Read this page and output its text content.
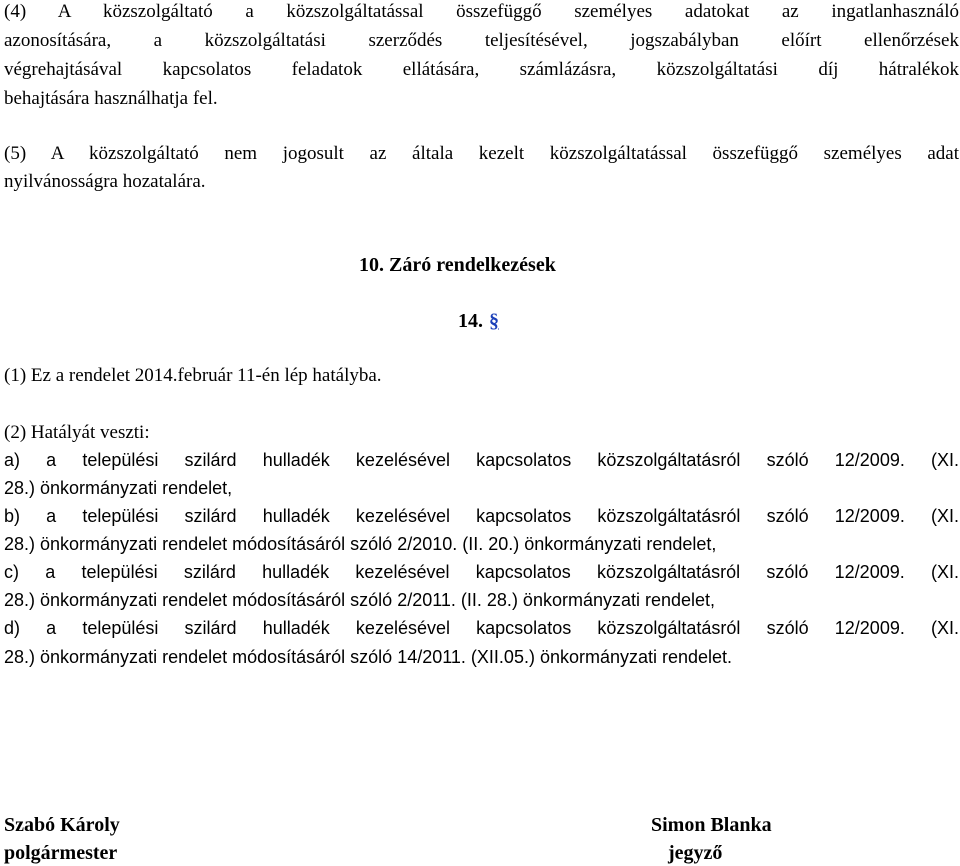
(4) A közszolgáltató a közszolgáltatással összefüggő személyes adatokat az ingatlanhasználó
azonosítására, a közszolgáltatási szerződés teljesítésével, jogszabályban előírt ellenőrzések
végrehajtásával kapcsolatos feladatok ellátására, számlázásra, közszolgáltatási díj hátralékok
behajtására használhatja fel.
(5) A közszolgáltató nem jogosult az általa kezelt közszolgáltatással összefüggő személyes adat
nyilvánosságra hozatalára.
10. Záró rendelkezések
14. §
(1) Ez a rendelet 2014.február 11-én lép hatályba.
(2) Hatályát veszti:
a) a települési szilárd hulladék kezelésével kapcsolatos közszolgáltatásról szóló 12/2009. (XI.
28.) önkormányzati rendelet,
b) a települési szilárd hulladék kezelésével kapcsolatos közszolgáltatásról szóló 12/2009. (XI.
28.) önkormányzati rendelet módosításáról szóló 2/2010. (II. 20.) önkormányzati rendelet,
c) a települési szilárd hulladék kezelésével kapcsolatos közszolgáltatásról szóló 12/2009. (XI.
28.) önkormányzati rendelet módosításáról szóló 2/2011. (II. 28.) önkormányzati rendelet,
d) a települési szilárd hulladék kezelésével kapcsolatos közszolgáltatásról szóló 12/2009. (XI.
28.) önkormányzati rendelet módosításáról szóló 14/2011. (XII.05.) önkormányzati rendelet.
Szabó Károly
polgármester
Simon Blanka
jegyző
